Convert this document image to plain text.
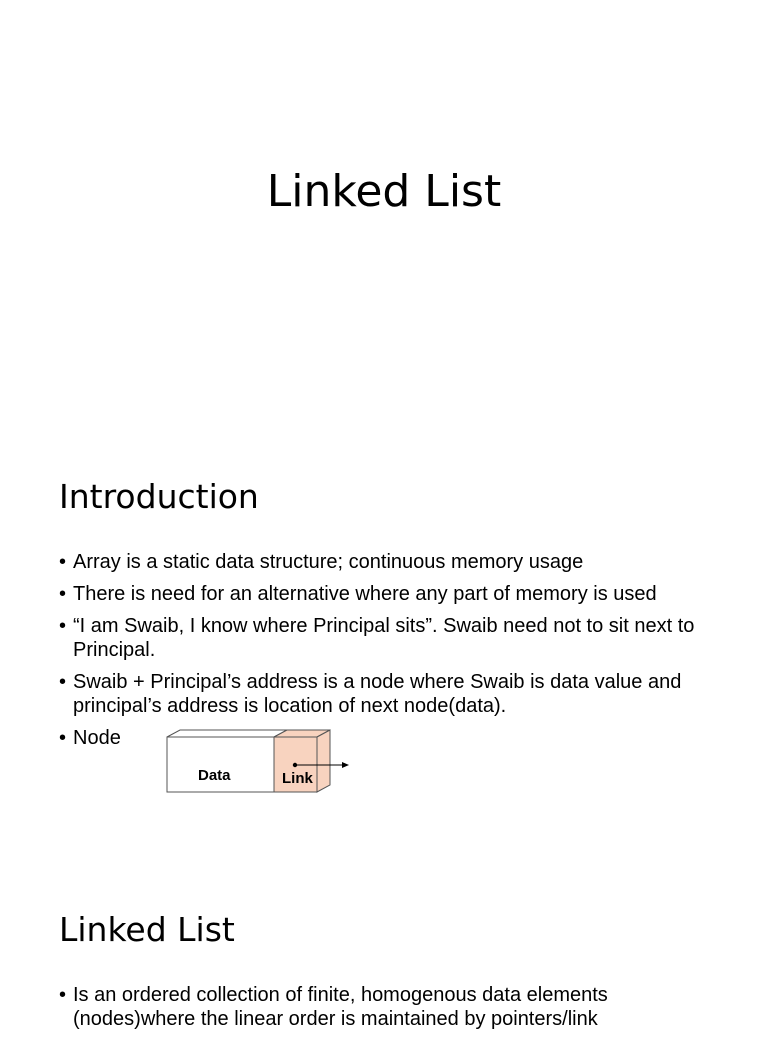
Linked List
Introduction
• Array is a static data structure; continuous memory usage
• There is need for an alternative where any part of memory is used
• “I am Swaib, I know where Principal sits”. Swaib need not to sit next to Principal.
• Swaib + Principal’s address is a node where Swaib is data value and principal’s address is location of next node(data).
• Node
Data	Link
Linked List
• Is an ordered collection of finite, homogenous data elements (nodes)where the linear order is maintained by pointers/link
